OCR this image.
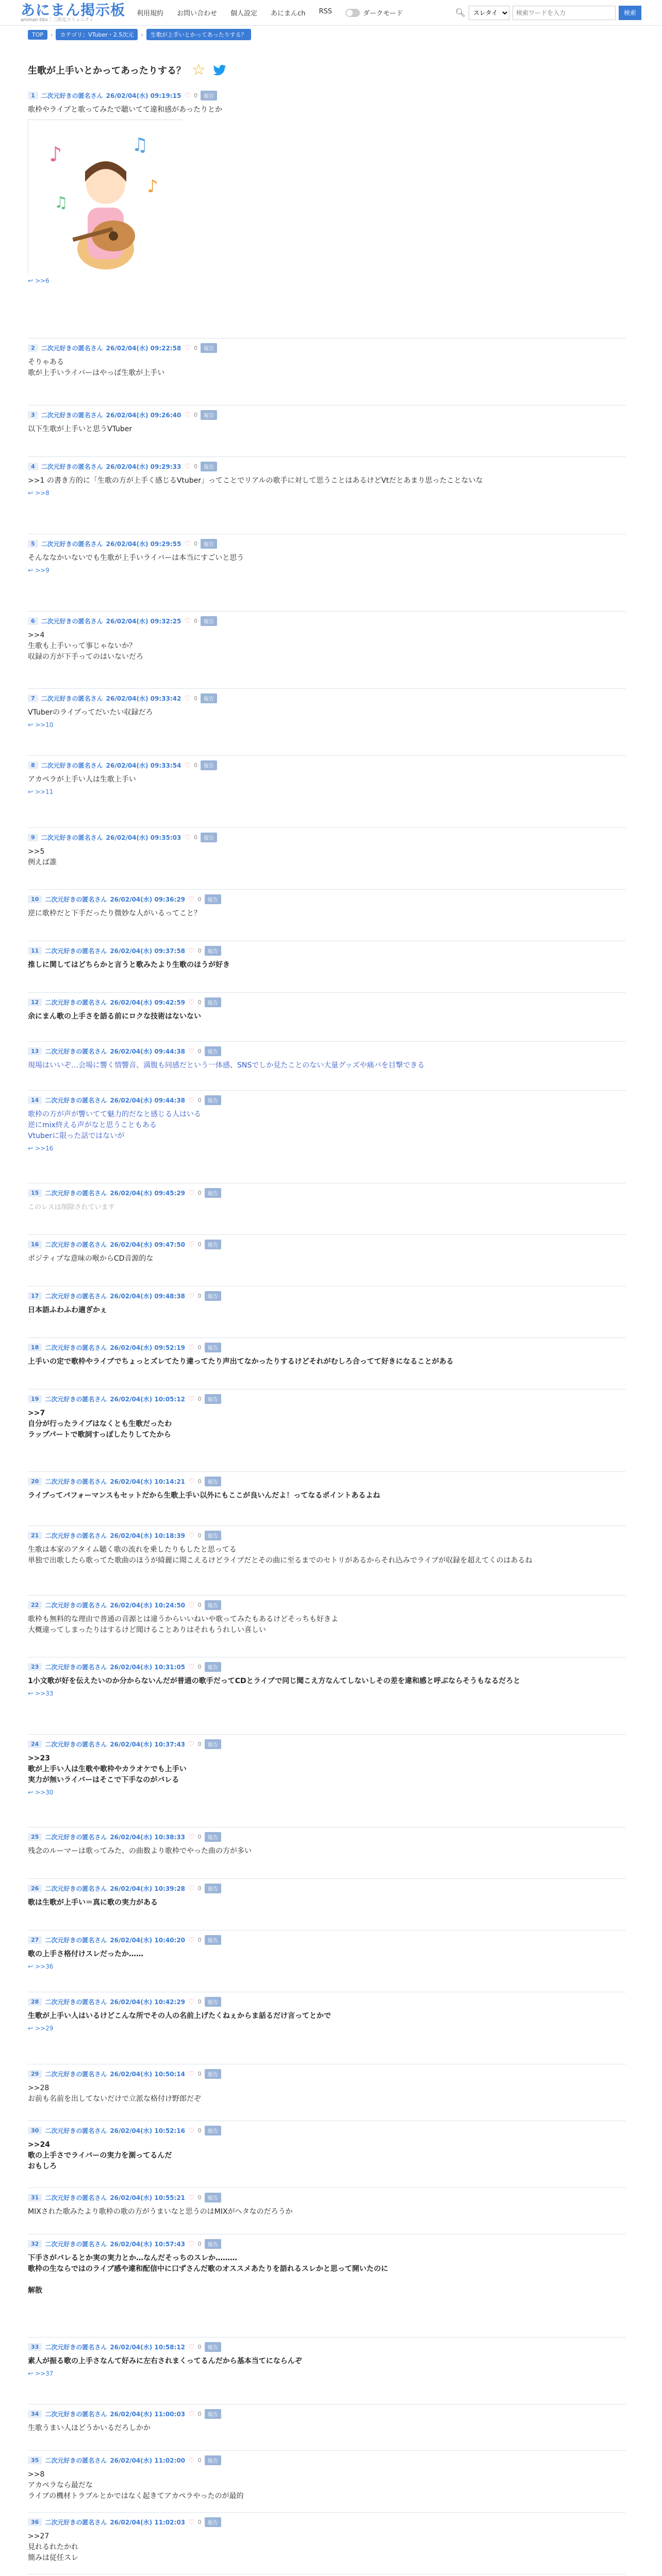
あにまん掲示板
animan bbs｜二次元コミュニティ
利用規約 お問い合わせ 個人設定 あにまんch RSS	ダークモード	🔍︎
スレタイ
検索ワードを入力	検索
TOP	›	カテゴリ：VTuber・2.5次元	›	生歌が上手いとかってあったりする？
生歌が上手いとかってあったりする？ ☆
1	二次元好きの匿名さん 26/02/04(水) 09:19:15 ♡ 0	報告
歌枠やライブと歌ってみたで聴いてて違和感があったりとか
♪	♫
♪
♫
↩ >>6
2	二次元好きの匿名さん 26/02/04(水) 09:22:58 ♡ 0	報告
そりゃある
歌が上手いライバーはやっぱ生歌が上手い
3	二次元好きの匿名さん 26/02/04(水) 09:26:40 ♡ 0	報告
以下生歌が上手いと思うVTuber
4	二次元好きの匿名さん 26/02/04(水) 09:29:33 ♡ 0	報告
>>1 の書き方的に「生歌の方が上手く感じるVtuber」ってことでリアルの歌手に対して思うことはあるけどVtだとあまり思ったことないな
↩ >>8
5	二次元好きの匿名さん 26/02/04(水) 09:29:55 ♡ 0	報告
そんななかいないでも生歌が上手いライバーは本当にすごいと思う
↩ >>9
6	二次元好きの匿名さん 26/02/04(水) 09:32:25 ♡ 0	報告
>>4
生歌も上手いって事じゃないか？
収録の方が下手ってのはいないだろ
7	二次元好きの匿名さん 26/02/04(水) 09:33:42 ♡ 0	報告
VTuberのライブってだいたい収録だろ
↩ >>10
8	二次元好きの匿名さん 26/02/04(水) 09:33:54 ♡ 0	報告
アカペラが上手い人は生歌上手い
↩ >>11
9	二次元好きの匿名さん 26/02/04(水) 09:35:03 ♡ 0	報告
>>5
例えば誰
10	二次元好きの匿名さん 26/02/04(水) 09:36:29 ♡ 0	報告
逆に歌枠だと下手だったり微妙な人がいるってこと？
11	二次元好きの匿名さん 26/02/04(水) 09:37:58 ♡ 0	報告
推しに関してはどちらかと言うと歌みたより生歌のほうが好き
12	二次元好きの匿名さん 26/02/04(水) 09:42:59 ♡ 0	報告
余にまん歌の上手さを語る前にロクな技術はないない
13	二次元好きの匿名さん 26/02/04(水) 09:44:38 ♡ 0	報告
現場はいいぞ…会場に響く情響音、満腹も同感だという一体感、SNSでしか見たことのない大量グッズや痛バを目撃できる
14	二次元好きの匿名さん 26/02/04(水) 09:44:38 ♡ 0	報告
歌枠の方が声が響いてて魅力的だなと感じる人はいる
逆にmix終える声がなと思うこともある
Vtuberに限った話ではないが
↩ >>16
15	二次元好きの匿名さん 26/02/04(水) 09:45:29 ♡ 0	報告
このレスは削除されています
16	二次元好きの匿名さん 26/02/04(水) 09:47:50 ♡ 0	報告
ポジティブな意味の喉からCD音源的な
17	二次元好きの匿名さん 26/02/04(水) 09:48:38 ♡ 0	報告
日本語ふわふわ適ぎかぇ
18	二次元好きの匿名さん 26/02/04(水) 09:52:19 ♡ 0	報告
上手いの定で歌枠やライブでちょっとズレてたり違ってたり声出てなかったりするけどそれがむしろ合ってて好きになることがある
19	二次元好きの匿名さん 26/02/04(水) 10:05:12 ♡ 0	報告
>>7
自分が行ったライブはなくとも生歌だったわ
ラップパートで歌詞すっぽしたりしてたから
20	二次元好きの匿名さん 26/02/04(水) 10:14:21 ♡ 0	報告
ライブってパフォーマンスもセットだから生歌上手い以外にもここが良いんだよ！ってなるポイントあるよね
21	二次元好きの匿名さん 26/02/04(水) 10:18:39 ♡ 0	報告
生歌は本家のアタイム聴く歌の流れを乗したりもしたと思ってる
単独で出歌したら歌ってた歌曲のほうが綺麗に聞こえるけどライブだとその曲に至るまでのセトリがあるからそれ込みでライブが収録を超えてくのはあるね
22	二次元好きの匿名さん 26/02/04(水) 10:24:50 ♡ 0	報告
歌枠も無料的な理由で普通の音源とは違うからいいねいや歌ってみたもあるけどそっちも好きよ
大概違ってしまったりはするけど聞けることありはそれもうれしい喜しい
23	二次元好きの匿名さん 26/02/04(水) 10:31:05 ♡ 0	報告
1小文歌が好を伝えたいのか分からないんだが普通の歌手だってCDとライブで同じ聞こえ方なんてしないしその差を違和感と呼ぶならそうもなるだろと
↩ >>33
24	二次元好きの匿名さん 26/02/04(水) 10:37:43 ♡ 0	報告
>>23
歌が上手い人は生歌や歌枠やカラオケでも上手い
実力が無いライバーはそこで下手なのがバレる
↩ >>30
25	二次元好きの匿名さん 26/02/04(水) 10:38:33 ♡ 0	報告
残念のルーマーは歌ってみた、の曲数より歌枠でやった曲の方が多い
26	二次元好きの匿名さん 26/02/04(水) 10:39:28 ♡ 0	報告
歌は生歌が上手い＝真に歌の実力がある
27	二次元好きの匿名さん 26/02/04(水) 10:40:20 ♡ 0	報告
歌の上手さ格付けスレだったか……
↩ >>36
28	二次元好きの匿名さん 26/02/04(水) 10:42:29 ♡ 0	報告
生歌が上手い人はいるけどこんな所でその人の名前上げたくねぇからま話るだけ言ってとかで
↩ >>29
29	二次元好きの匿名さん 26/02/04(水) 10:50:14 ♡ 0	報告
>>28
お前も名前を出してないだけで立派な格付け野郎だぞ
30	二次元好きの匿名さん 26/02/04(水) 10:52:16 ♡ 0	報告
>>24
歌の上手さでライバーの実力を測ってるんだ
おもしろ
31	二次元好きの匿名さん 26/02/04(水) 10:55:21 ♡ 0	報告
MIXされた歌みたより歌枠の歌の方がうまいなと思うのはMIXがヘタなのだろうか
32	二次元好きの匿名さん 26/02/04(水) 10:57:43 ♡ 0	報告
下手さがバレるとか実の実力とか…なんだそっちのスレか………
歌枠の生ならではのライブ感や違和配信中に口ずさんだ歌のオススメあたりを語れるスレかと思って開いたのに

解散
33	二次元好きの匿名さん 26/02/04(水) 10:58:12 ♡ 0	報告
素人が振る歌の上手さなんて好みに左右されまくってるんだから基本当てにならんぞ
↩ >>37
34	二次元好きの匿名さん 26/02/04(水) 11:00:03 ♡ 0	報告
生歌うまい人ほどうかいるだろしかか
35	二次元好きの匿名さん 26/02/04(水) 11:02:00 ♡ 0	報告
>>8
アカペラなら最だな
ライブの機材トラブルとかではなく起きてアカペラやったのが最的
36	二次元好きの匿名さん 26/02/04(水) 11:02:03 ♡ 0	報告
>>27
見れるれたかれ
簡みは従任スレ
